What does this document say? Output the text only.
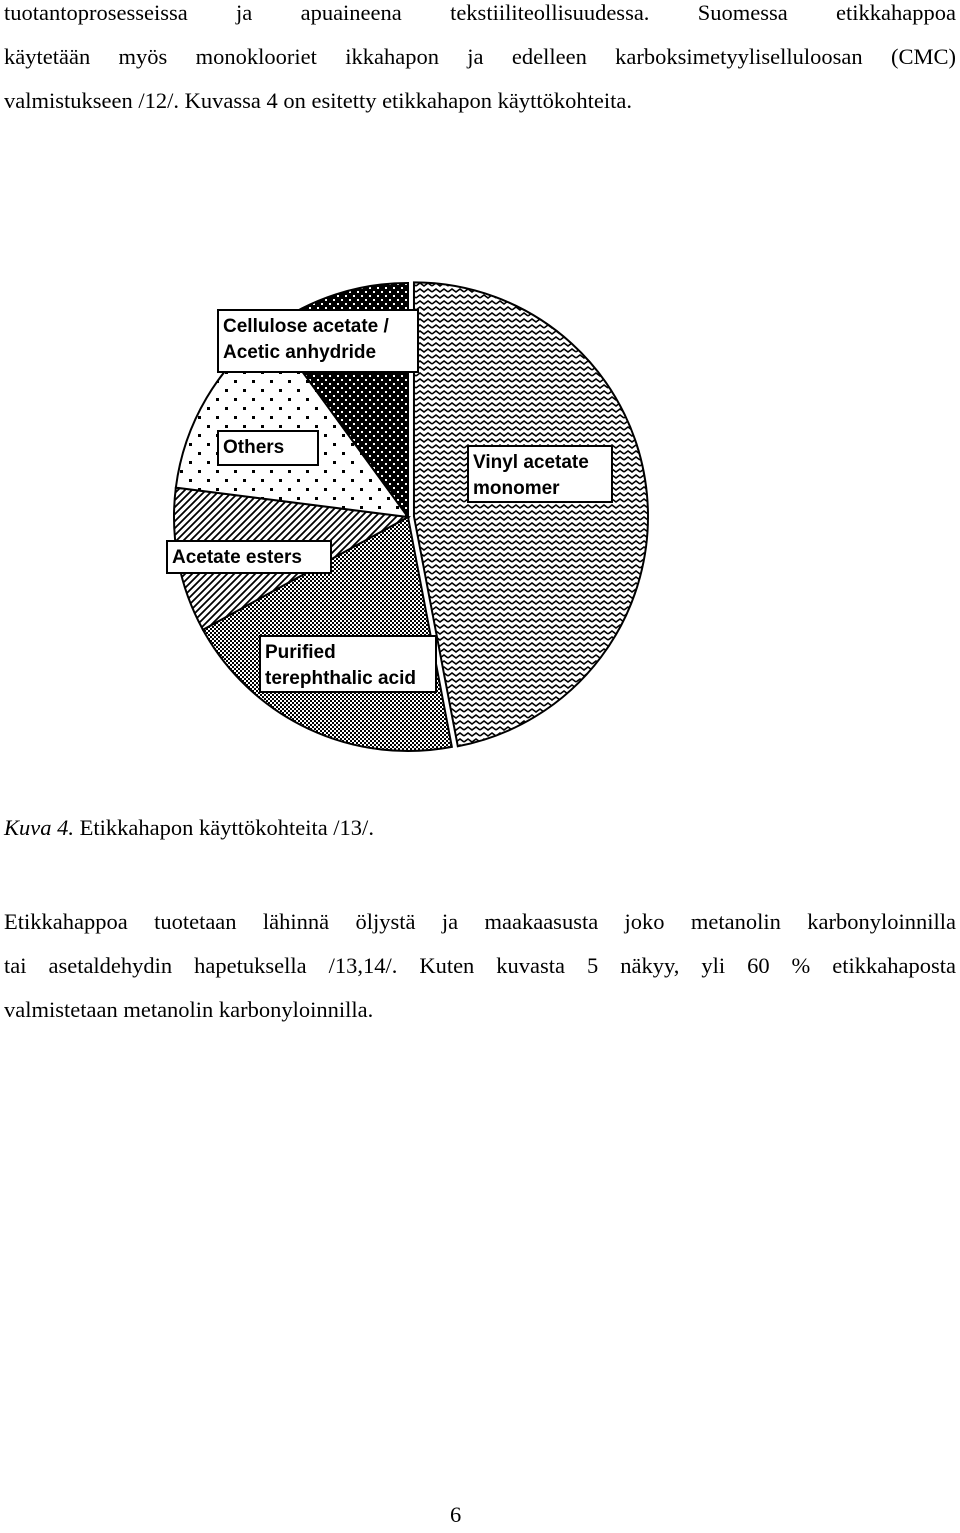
tuotantoprosesseissa ja apuaineena tekstiiliteollisuudessa. Suomessa etikkahappoa
käytetään myös monoklooriet ikkahapon ja edelleen karboksimetyyliselluloosan (CMC)
valmistukseen /12/. Kuvassa 4 on esitetty etikkahapon käyttökohteita.
Vinyl acetate
monomer
Purified
terephthalic acid
Acetate esters
Others
Cellulose acetate /
Acetic anhydride
Kuva 4. Etikkahapon käyttökohteita /13/.
Etikkahappoa tuotetaan lähinnä öljystä ja maakaasusta joko metanolin karbonyloinnilla
tai asetaldehydin hapetuksella /13,14/. Kuten kuvasta 5 näkyy, yli 60 % etikkahaposta
valmistetaan metanolin karbonyloinnilla.
6
